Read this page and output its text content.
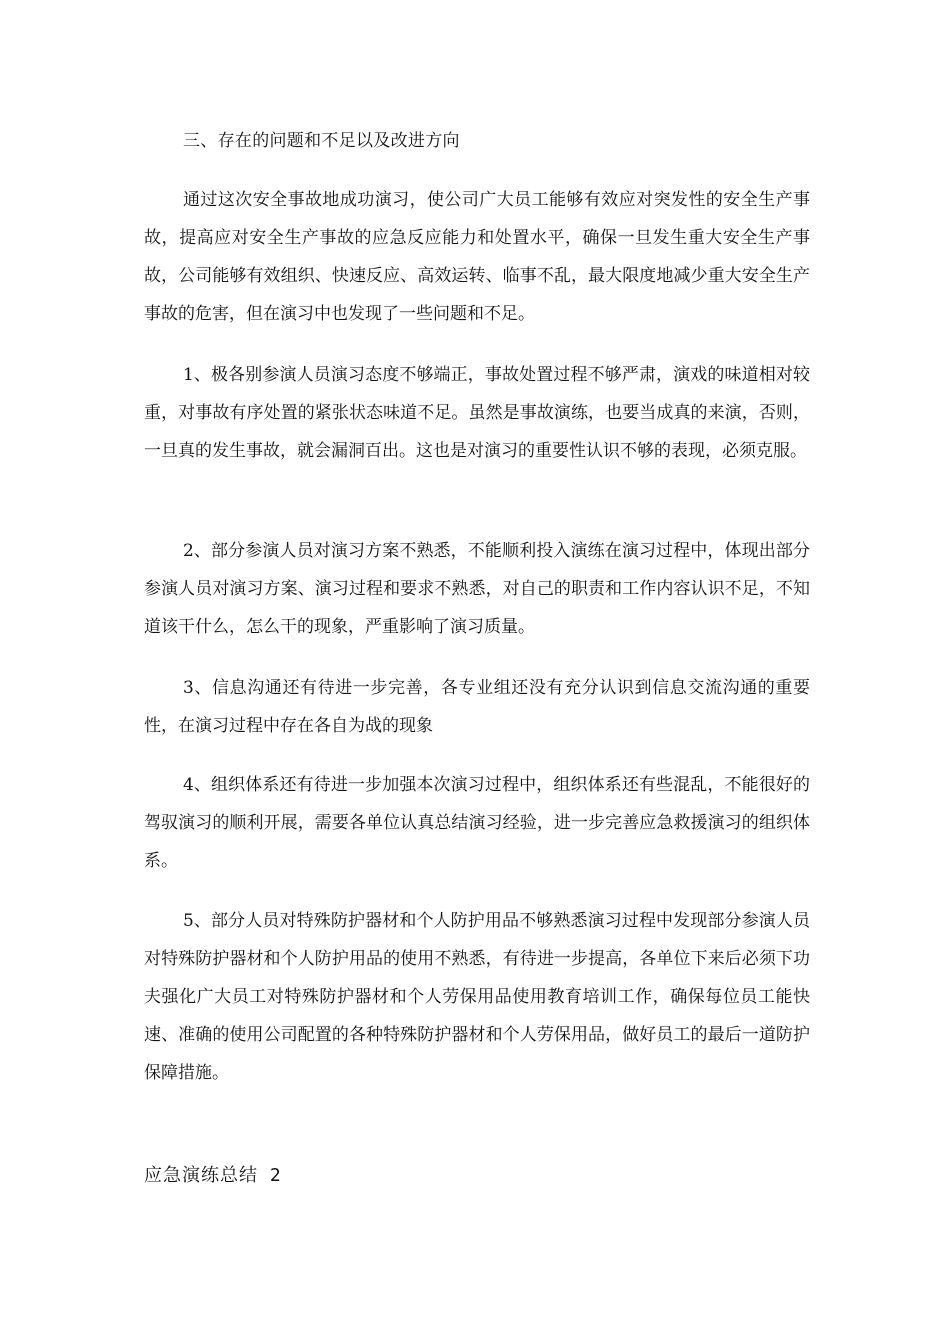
三、存在的问题和不足以及改进方向

通过这次安全事故地成功演习，使公司广大员工能够有效应对突发性的安全生产事故，提高应对安全生产事故的应急反应能力和处置水平，确保一旦发生重大安全生产事故，公司能够有效组织、快速反应、高效运转、临事不乱，最大限度地减少重大安全生产事故的危害，但在演习中也发现了一些问题和不足。

1、极各别参演人员演习态度不够端正，事故处置过程不够严肃，演戏的味道相对较重，对事故有序处置的紧张状态味道不足。虽然是事故演练，也要当成真的来演，否则，一旦真的发生事故，就会漏洞百出。这也是对演习的重要性认识不够的表现，必须克服。

2、部分参演人员对演习方案不熟悉，不能顺利投入演练在演习过程中，体现出部分参演人员对演习方案、演习过程和要求不熟悉，对自己的职责和工作内容认识不足，不知道该干什么，怎么干的现象，严重影响了演习质量。

3、信息沟通还有待进一步完善，各专业组还没有充分认识到信息交流沟通的重要性，在演习过程中存在各自为战的现象

4、组织体系还有待进一步加强本次演习过程中，组织体系还有些混乱，不能很好的驾驭演习的顺利开展，需要各单位认真总结演习经验，进一步完善应急救援演习的组织体系。

5、部分人员对特殊防护器材和个人防护用品不够熟悉演习过程中发现部分参演人员对特殊防护器材和个人防护用品的使用不熟悉，有待进一步提高，各单位下来后必须下功夫强化广大员工对特殊防护器材和个人劳保用品使用教育培训工作，确保每位员工能快速、准确的使用公司配置的各种特殊防护器材和个人劳保用品，做好员工的最后一道防护保障措施。

应急演练总结 2
